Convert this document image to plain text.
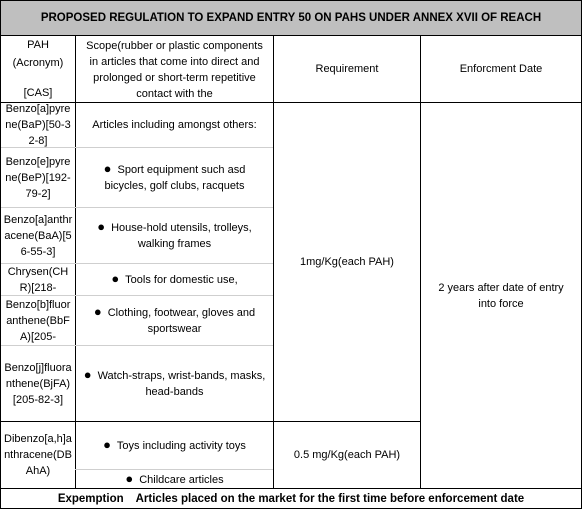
PROPOSED REGULATION TO EXPAND ENTRY 50 ON PAHS UNDER ANNEX XVII OF REACH
PAH
(Acronym)
[CAS]
Scope(rubber or plastic components in articles that come into direct and prolonged or short-term repetitive contact with the
Requirement	Enforcment Date
Benzo[a]pyrene(BaP)[50-32-8]
Benzo[e]pyrene(BeP)[192-79-2]
Benzo[a]anthracene(BaA)[56-55-3]
Chrysen(CHR)[218-
Benzo[b]fluoranthene(BbFA)[205-
Benzo[j]fluoranthene(BjFA)[205-82-3]
Dibenzo[a,h]anthracene(DBAhA)
Articles including amongst others:
● Sport equipment such asd bicycles, golf clubs, racquets
● House-hold utensils, trolleys, walking frames
● Tools for domestic use,
● Clothing, footwear, gloves and sportswear
● Watch-straps, wrist-bands, masks, head-bands
● Toys including activity toys
● Childcare articles
1mg/Kg(each PAH)
0.5 mg/Kg(each PAH)
2 years after date of entry into force
Expemption Articles placed on the market for the first time before enforcement date
